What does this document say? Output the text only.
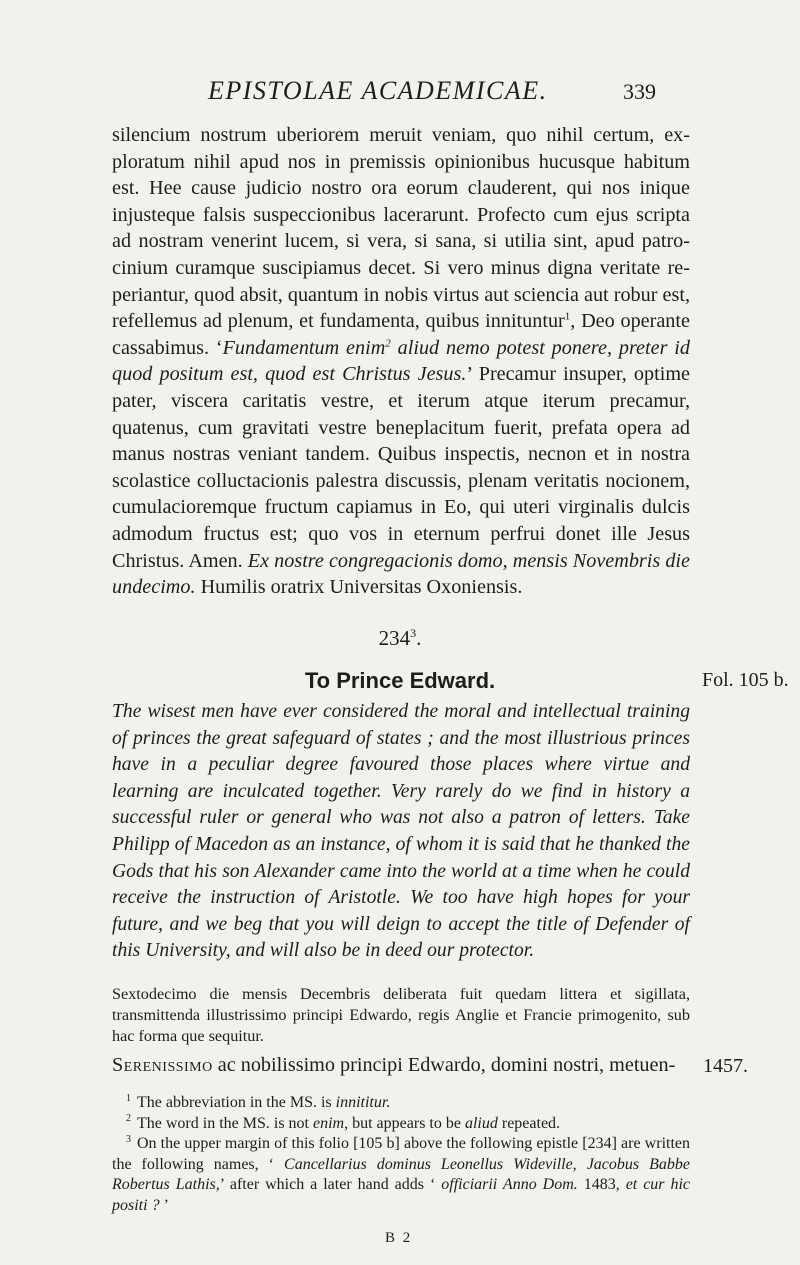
EPISTOLAE ACADEMICAE.	339

silencium nostrum uberiorem meruit veniam, quo nihil certum, exploratum nihil apud nos in premissis opinionibus hucusque habitum est. Hee cause judicio nostro ora eorum clauderent, qui nos inique injusteque falsis suspeccionibus lacerarunt. Profecto cum ejus scripta ad nostram venerint lucem, si vera, si sana, si utilia sint, apud patrocinium curamque suscipiamus decet. Si vero minus digna veritate reperiantur, quod absit, quantum in nobis virtus aut sciencia aut robur est, refellemus ad plenum, et fundamenta, quibus innituntur$^1$, Deo operante cassabimus. ‘Fundamentum enim$^2$ aliud nemo potest ponere, preter id quod positum est, quod est Christus Jesus.’ Precamur insuper, optime pater, viscera caritatis vestre, et iterum atque iterum precamur, quatenus, cum gravitati vestre beneplacitum fuerit, prefata opera ad manus nostras veniant tandem. Quibus inspectis, necnon et in nostra scolastice colluctacionis palestra discussis, plenam veritatis nocionem, cumulacioremque fructum capiamus in Eo, qui uteri virginalis dulcis admodum fructus est; quo vos in eternum perfrui donet ille Jesus Christus. Amen. Ex nostre congregacionis domo, mensis Novembris die undecimo. Humilis oratrix Universitas Oxoniensis.

234$^3$.
To Prince Edward.	Fol. 105 b.

The wisest men have ever considered the moral and intellectual training of princes the great safeguard of states ; and the most illustrious princes have in a peculiar degree favoured those places where virtue and learning are inculcated together. Very rarely do we find in history a successful ruler or general who was not also a patron of letters. Take Philipp of Macedon as an instance, of whom it is said that he thanked the Gods that his son Alexander came into the world at a time when he could receive the instruction of Aristotle. We too have high hopes for your future, and we beg that you will deign to accept the title of Defender of this University, and will also be in deed our protector.

Sextodecimo die mensis Decembris deliberata fuit quedam littera et sigillata, transmittenda illustrissimo principi Edwardo, regis Anglie et Francie primogenito, sub hac forma que sequitur.

Serenissimo ac nobilissimo principi Edwardo, domini nostri, metuen-	1457.

$^1$ The abbreviation in the MS. is innititur.

$^2$ The word in the MS. is not enim, but appears to be aliud repeated.

$^3$ On the upper margin of this folio [105 b] above the following epistle [234] are written the following names, ‘ Cancellarius dominus Leonellus Wideville, Jacobus Babbe Robertus Lathis,’ after which a later hand adds ‘ officiarii Anno Dom. 1483, et cur hic positi ? ’

B 2
